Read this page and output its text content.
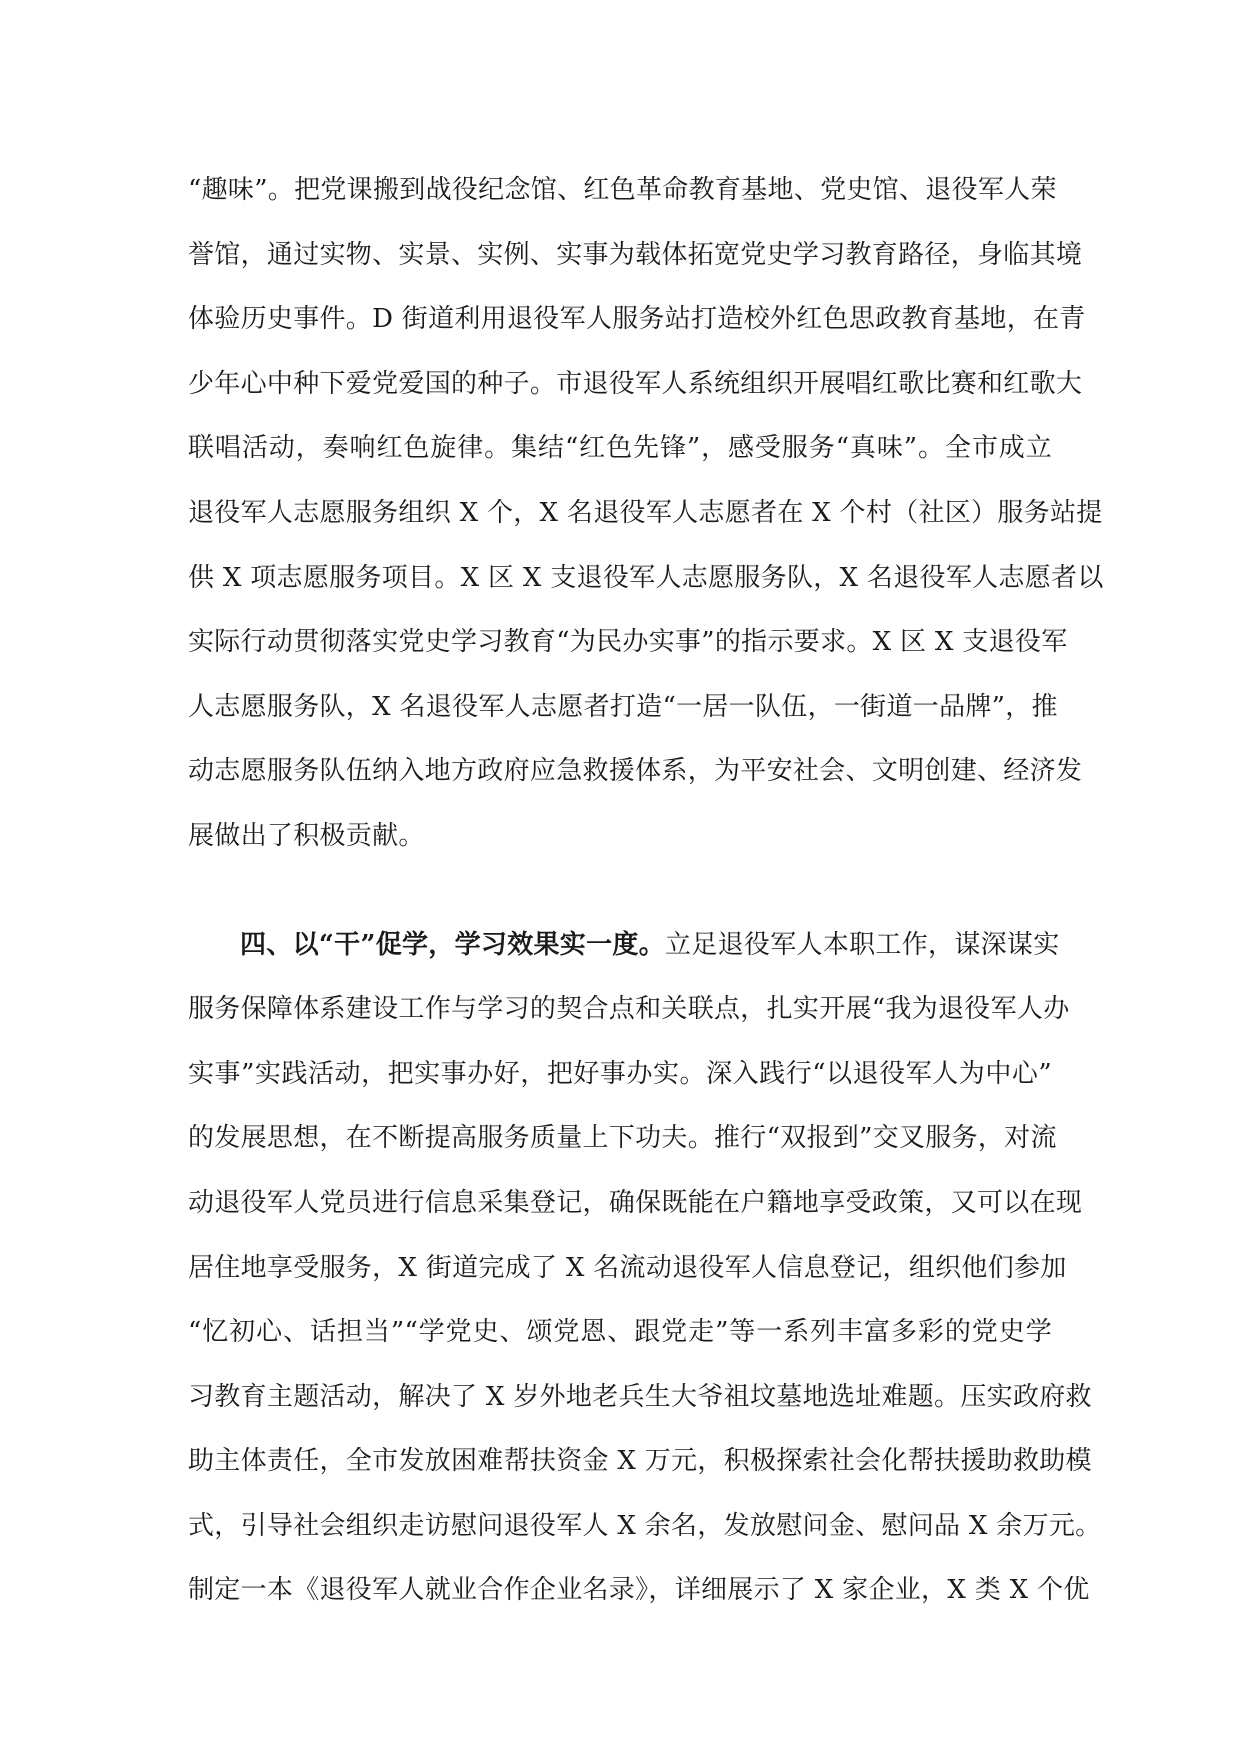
“趣味”。把党课搬到战役纪念馆、红色革命教育基地、党史馆、退役军人荣
誉馆，通过实物、实景、实例、实事为载体拓宽党史学习教育路径，身临其境
体验历史事件。D 街道利用退役军人服务站打造校外红色思政教育基地，在青
少年心中种下爱党爱国的种子。市退役军人系统组织开展唱红歌比赛和红歌大
联唱活动，奏响红色旋律。集结“红色先锋”，感受服务“真味”。全市成立
退役军人志愿服务组织 X 个，X 名退役军人志愿者在 X 个村（社区）服务站提
供 X 项志愿服务项目。X 区 X 支退役军人志愿服务队，X 名退役军人志愿者以
实际行动贯彻落实党史学习教育“为民办实事”的指示要求。X 区 X 支退役军
人志愿服务队，X 名退役军人志愿者打造“一居一队伍，一街道一品牌”，推
动志愿服务队伍纳入地方政府应急救援体系，为平安社会、文明创建、经济发
展做出了积极贡献。
四、以“干”促学，学习效果实一度。立足退役军人本职工作，谋深谋实
服务保障体系建设工作与学习的契合点和关联点，扎实开展“我为退役军人办
实事”实践活动，把实事办好，把好事办实。深入践行“以退役军人为中心”
的发展思想，在不断提高服务质量上下功夫。推行“双报到”交叉服务，对流
动退役军人党员进行信息采集登记，确保既能在户籍地享受政策，又可以在现
居住地享受服务，X 街道完成了 X 名流动退役军人信息登记，组织他们参加
“忆初心、话担当”“学党史、颂党恩、跟党走”等一系列丰富多彩的党史学
习教育主题活动，解决了 X 岁外地老兵生大爷祖坟墓地选址难题。压实政府救
助主体责任，全市发放困难帮扶资金 X 万元，积极探索社会化帮扶援助救助模
式，引导社会组织走访慰问退役军人 X 余名，发放慰问金、慰问品 X 余万元。
制定一本《退役军人就业合作企业名录》，详细展示了 X 家企业，X 类 X 个优
